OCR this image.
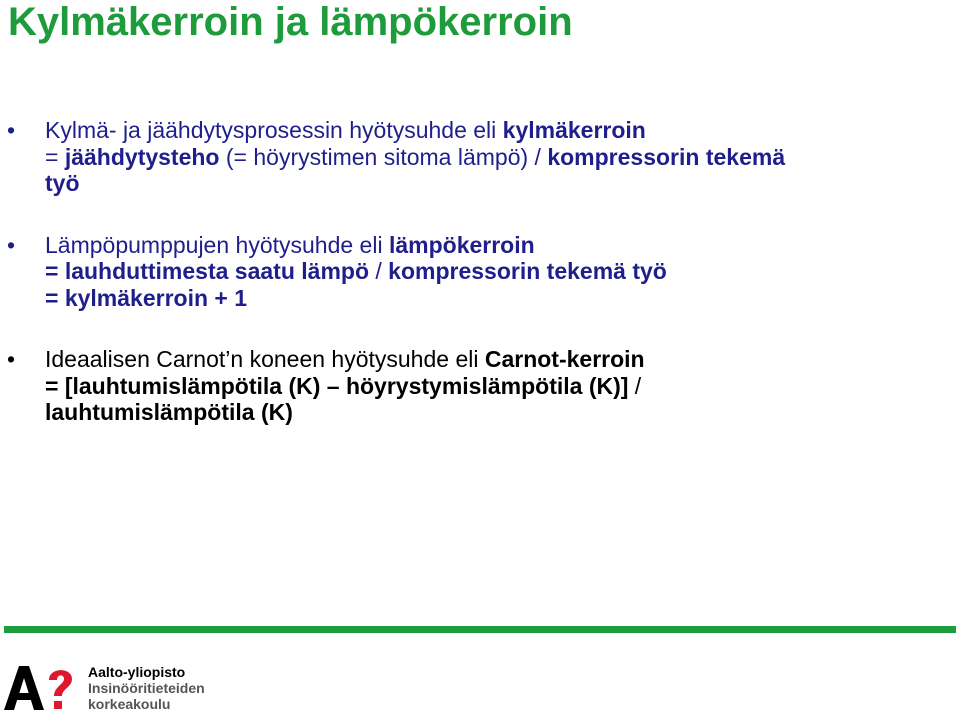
Kylmäkerroin ja lämpökerroin
• Kylmä- ja jäähdytysprosessin hyötysuhde eli kylmäkerroin
= jäähdytysteho (= höyrystimen sitoma lämpö) / kompressorin tekemä
työ
• Lämpöpumppujen hyötysuhde eli lämpökerroin
= lauhduttimesta saatu lämpö / kompressorin tekemä työ
= kylmäkerroin + 1
• Ideaalisen Carnot’n koneen hyötysuhde eli Carnot-kerroin
= [lauhtumislämpötila (K) – höyrystymislämpötila (K)] /
lauhtumislämpötila (K)
Aalto-yliopisto
Insinööritieteiden
korkeakoulu
